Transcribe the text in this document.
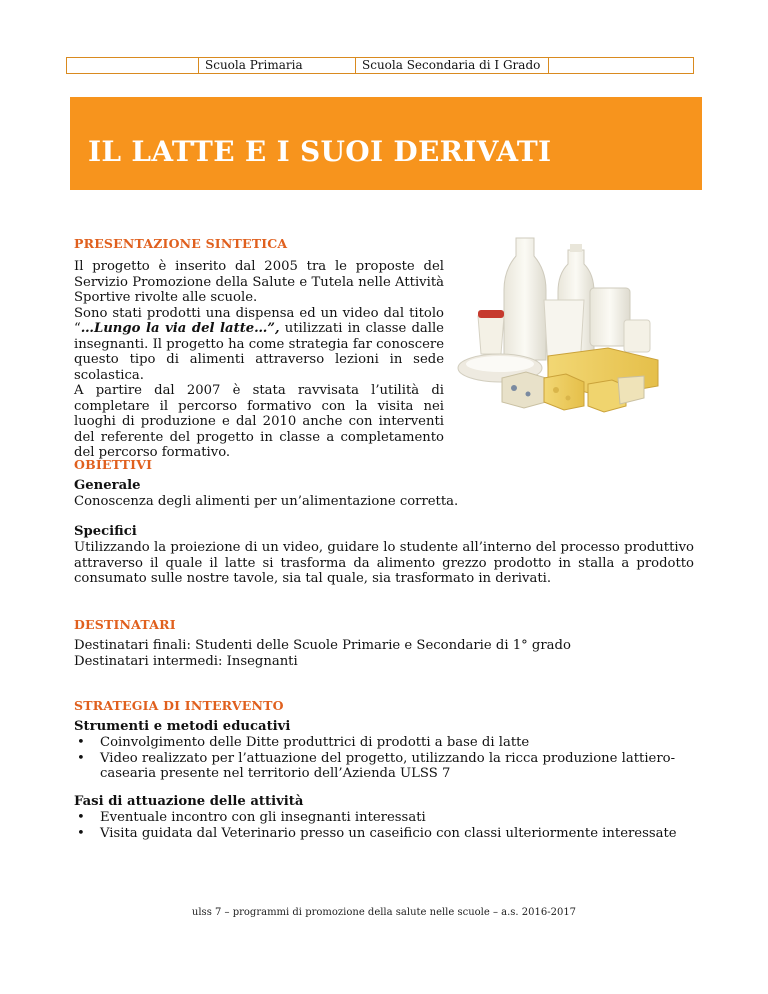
Scuola Primaria	Scuola Secondaria di I Grado
IL LATTE E I SUOI DERIVATI
PRESENTAZIONE SINTETICA
Il progetto è inserito dal 2005 tra le proposte del Servizio Promozione della Salute e Tutela nelle Attività Sportive rivolte alle scuole.
Sono stati prodotti una dispensa ed un video dal titolo “…Lungo la via del latte…”, utilizzati in classe dalle insegnanti. Il progetto ha come strategia far conoscere questo tipo di alimenti attraverso lezioni in sede scolastica.
A partire dal 2007 è stata ravvisata l’utilità di completare il percorso formativo con la visita nei luoghi di produzione e dal 2010 anche con interventi del referente del progetto in classe a completamento del percorso formativo.
OBIETTIVI
Generale
Conoscenza degli alimenti per un’alimentazione corretta.
Specifici
Utilizzando la proiezione di un video, guidare lo studente all’interno del processo produttivo attraverso il quale il latte si trasforma da alimento grezzo prodotto in stalla a prodotto consumato sulle nostre tavole, sia tal quale, sia trasformato in derivati.
DESTINATARI
Destinatari finali: Studenti delle Scuole Primarie e Secondarie di 1° grado
Destinatari intermedi: Insegnanti
STRATEGIA DI INTERVENTO
Strumenti e metodi educativi
• Coinvolgimento delle Ditte produttrici di prodotti a base di latte
• Video realizzato per l’attuazione del progetto, utilizzando la ricca produzione lattiero-casearia presente nel territorio dell’Azienda ULSS 7
Fasi di attuazione delle attività
• Eventuale incontro con gli insegnanti interessati
• Visita guidata dal Veterinario presso un caseificio con classi ulteriormente interessate
ulss 7 – programmi di promozione della salute nelle scuole – a.s. 2016-2017
